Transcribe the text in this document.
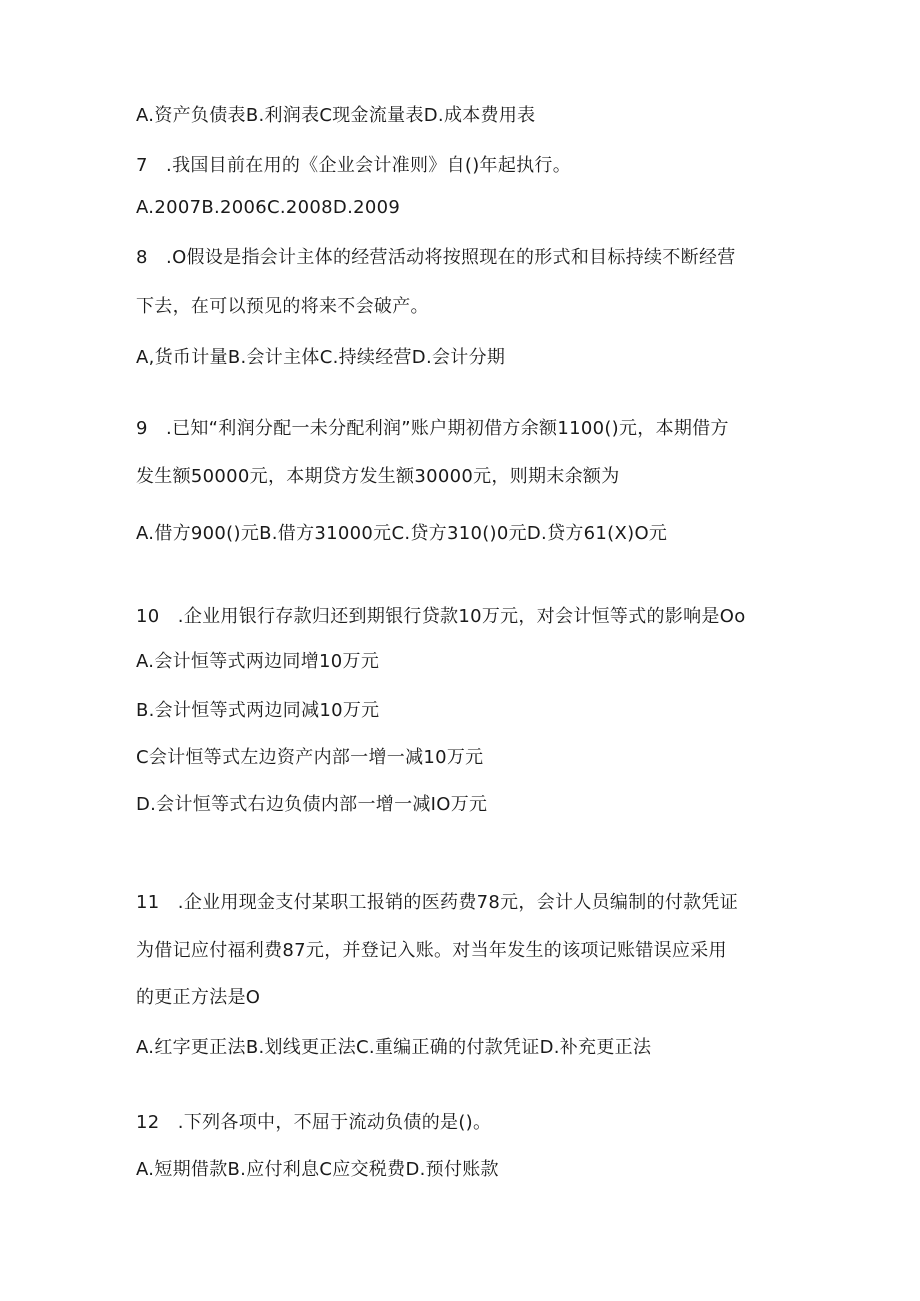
A.资产负债表B.利润表C现金流量表D.成本费用表
7　.我国目前在用的《企业会计准则》自()年起执行。
A.2007B.2006C.2008D.2009
8　.O假设是指会计主体的经营活动将按照现在的形式和目标持续不断经营
下去，在可以预见的将来不会破产。
A,货币计量B.会计主体C.持续经营D.会计分期
9　.已知“利润分配一未分配利润”账户期初借方余额1100()元，本期借方
发生额50000元，本期贷方发生额30000元，则期末余额为
A.借方900()元B.借方31000元C.贷方310()0元D.贷方61(X)O元
10　.企业用银行存款归还到期银行贷款10万元，对会计恒等式的影响是Oo
A.会计恒等式两边同增10万元
B.会计恒等式两边同减10万元
C会计恒等式左边资产内部一增一减10万元
D.会计恒等式右边负债内部一增一减IO万元
11　.企业用现金支付某职工报销的医药费78元，会计人员编制的付款凭证
为借记应付福利费87元，并登记入账。对当年发生的该项记账错误应采用
的更正方法是O
A.红字更正法B.划线更正法C.重编正确的付款凭证D.补充更正法
12　.下列各项中，不屈于流动负债的是()。
A.短期借款B.应付利息C应交税费D.预付账款
